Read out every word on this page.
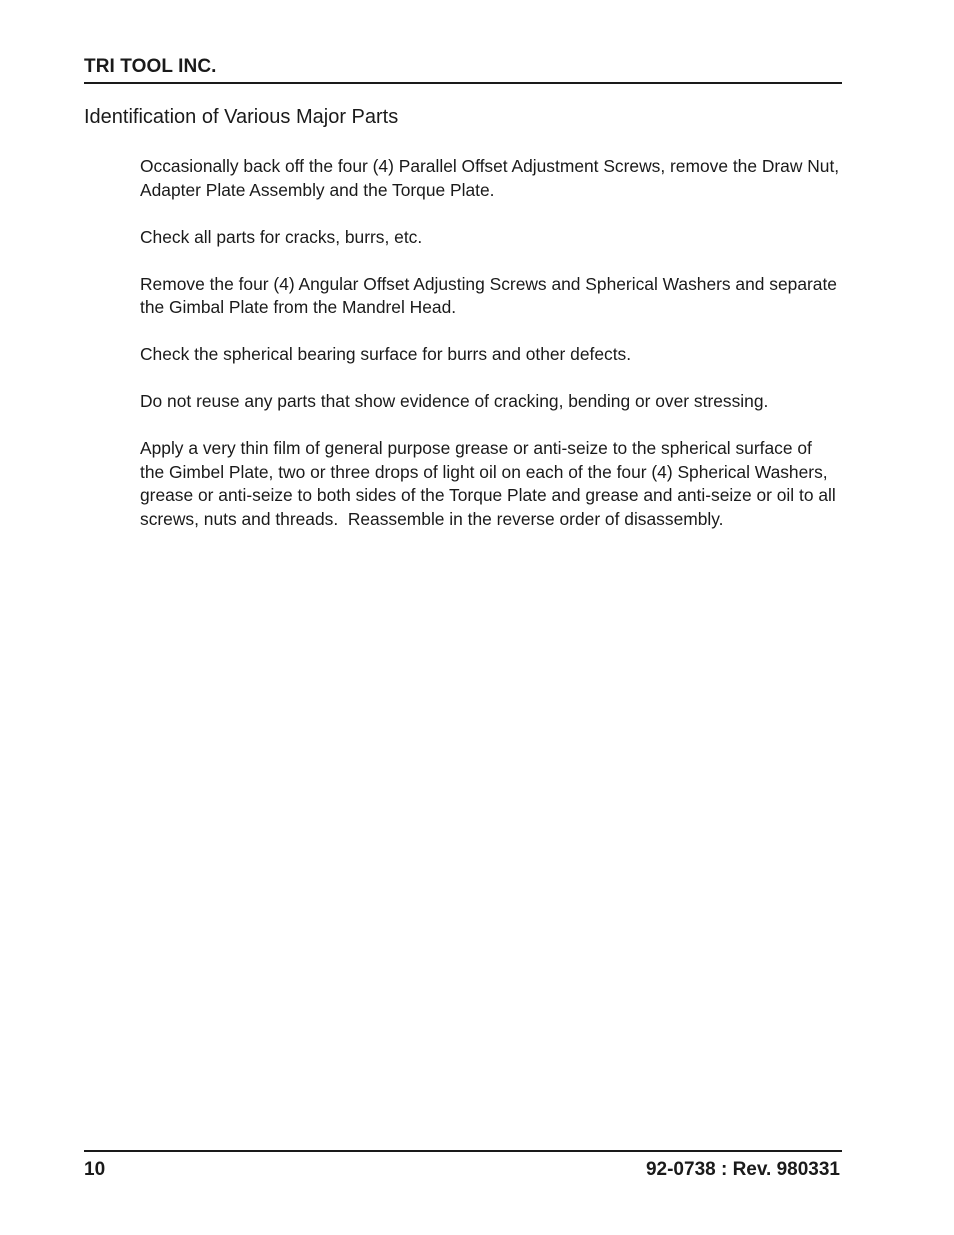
TRI TOOL INC.
Identification of Various Major Parts

Occasionally back off the four (4) Parallel Offset Adjustment Screws, remove the Draw Nut, Adapter Plate Assembly and the Torque Plate.

Check all parts for cracks, burrs, etc.

Remove the four (4) Angular Offset Adjusting Screws and Spherical Washers and separate the Gimbal Plate from the Mandrel Head.

Check the spherical bearing surface for burrs and other defects.

Do not reuse any parts that show evidence of cracking, bending or over stressing.

Apply a very thin film of general purpose grease or anti-seize to the spherical surface of the Gimbel Plate, two or three drops of light oil on each of the four (4) Spherical Washers, grease or anti-seize to both sides of the Torque Plate and grease and anti-seize or oil to all screws, nuts and threads.  Reassemble in the reverse order of disassembly.

10	92-0738 : Rev. 980331
